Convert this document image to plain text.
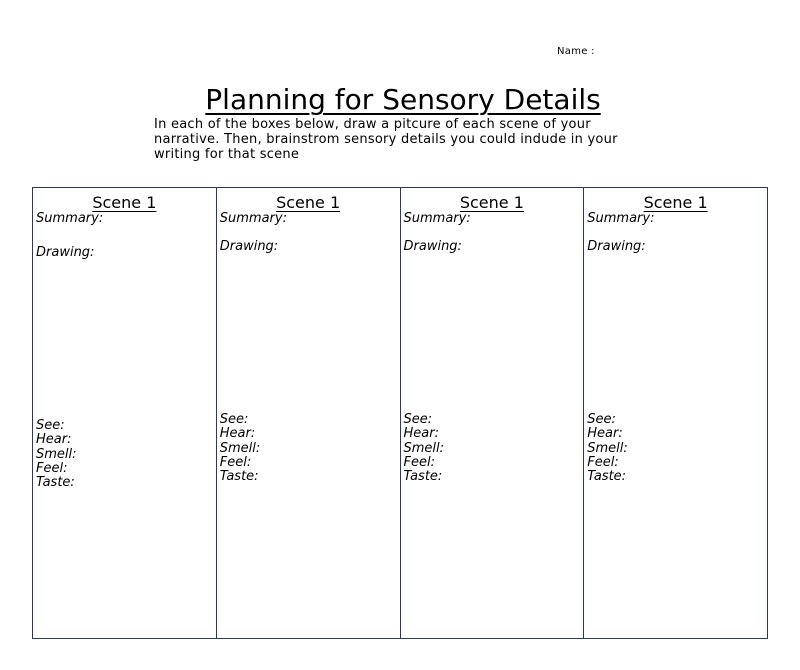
Name :
Planning for Sensory Details
In each of the boxes below, draw a pitcure of each scene of your narrative. Then, brainstrom sensory details you could indude in your writing for that scene
Scene 1
Summary:
Drawing:
See:
Hear:
Smell:
Feel:
Taste:
Scene 1
Summary:
Drawing:
See:
Hear:
Smell:
Feel:
Taste:
Scene 1
Summary:
Drawing:
See:
Hear:
Smell:
Feel:
Taste:
Scene 1
Summary:
Drawing:
See:
Hear:
Smell:
Feel:
Taste:
